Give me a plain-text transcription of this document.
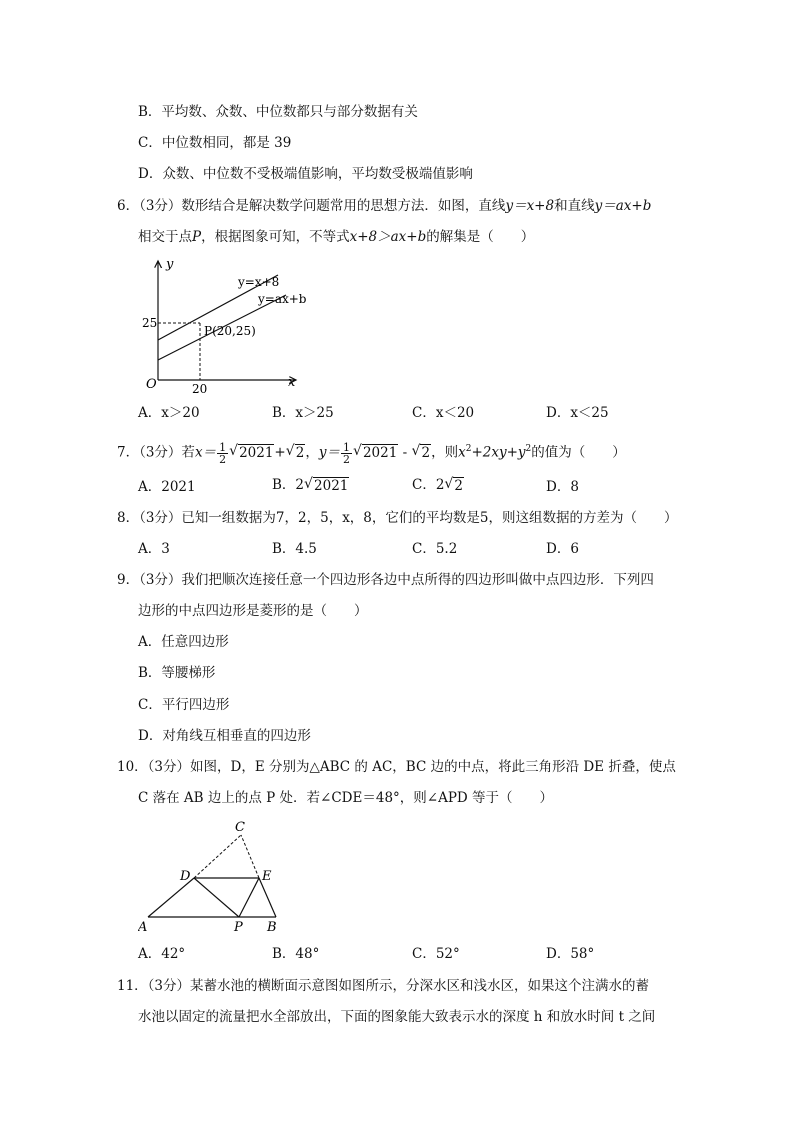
B．平均数、众数、中位数都只与部分数据有关
C．中位数相同，都是 39
D．众数、中位数不受极端值影响，平均数受极端值影响
6．（3分）数形结合是解决数学问题常用的思想方法．如图，直线y＝x+8和直线y＝ax+b
相交于点P，根据图象可知，不等式x+8＞ax+b的解集是（　　）
y
x
O	20
25
y=x+8
y=ax+b
P(20,25)
A．x＞20	B．x＞25	C．x＜20	D．x＜25
7．（3分）若$x= \frac{1}{2}$ √ 2021+ √ 2，$y= \frac{1}{2}$ √ 2021 - √ 2，则$x^2+2xy+y^2$的值为（　　）
A．2021	B．2 √ 2021	C．2 √ 2	D．8
8．（3分）已知一组数据为7，2，5，x，8，它们的平均数是5，则这组数据的方差为（　　）
A．3	B．4.5	C．5.2	D．6
9．（3分）我们把顺次连接任意一个四边形各边中点所得的四边形叫做中点四边形．下列四
边形的中点四边形是菱形的是（　　）
A．任意四边形
B．等腰梯形
C．平行四边形
D．对角线互相垂直的四边形
10．（3分）如图，D，E 分别为△ABC 的 AC，BC 边的中点，将此三角形沿 DE 折叠，使点
C 落在 AB 边上的点 P 处．若∠CDE＝48°，则∠APD 等于（　　）
A	B
C
D	E
P
A．42°	B．48°	C．52°	D．58°
11．（3分）某蓄水池的横断面示意图如图所示，分深水区和浅水区，如果这个注满水的蓄
水池以固定的流量把水全部放出，下面的图象能大致表示水的深度 h 和放水时间 t 之间
